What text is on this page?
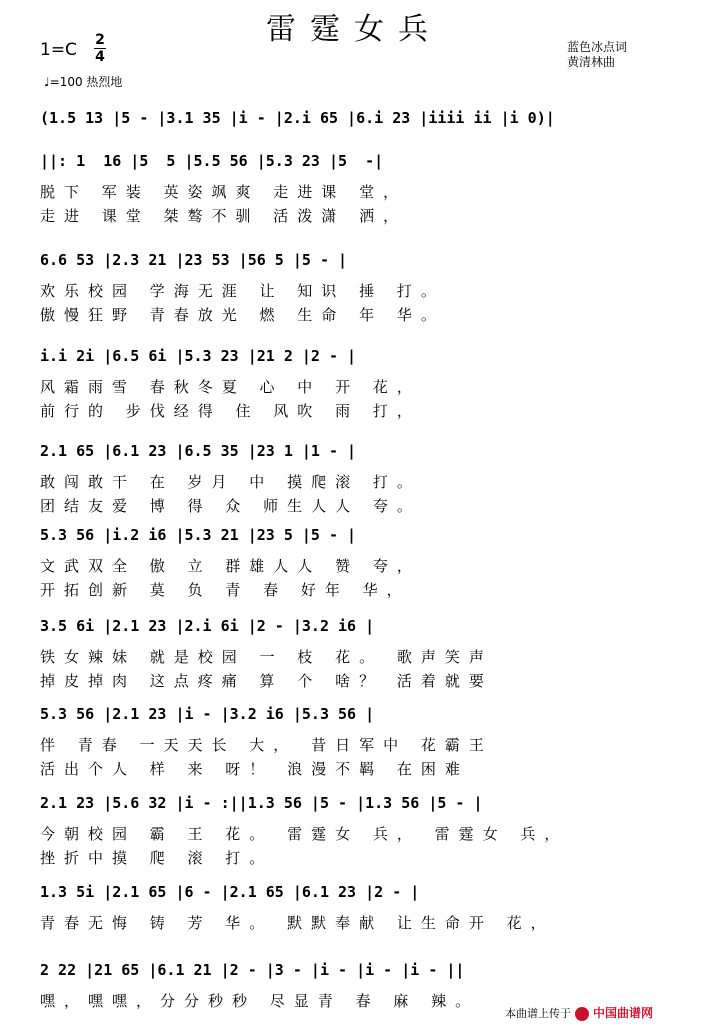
雷霆女兵
1=C 2
4
♩=100 热烈地
蓝色冰点词
黄清林曲
(1.5 13 |5 - |3.1 35 |i - |2.i 65 |6.i 23 |iiii ii |i 0)|
||: 1  16 |5  5 |5.5 56 |5.3 23 |5  -|
脱下 军装 英姿飒爽 走进课 堂，
走进 课堂 桀骜不驯 活泼潇 洒，
6.6 53 |2.3 21 |23 53 |56 5 |5 - |
欢乐校园 学海无涯 让 知识 捶 打。
傲慢狂野 青春放光 燃 生命 年 华。
i.i 2i |6.5 6i |5.3 23 |21 2 |2 - |
风霜雨雪 春秋冬夏 心 中 开 花，
前行的 步伐经得 住 风吹 雨 打，
2.1 65 |6.1 23 |6.5 35 |23 1 |1 - |
敢闯敢干 在 岁月 中 摸爬滚 打。
团结友爱 博 得 众 师生人人 夸。
5.3 56 |i.2 i6 |5.3 21 |23 5 |5 - |
文武双全 傲 立 群雄人人 赞 夸，
开拓创新 莫 负 青 春 好年 华，
3.5 6i |2.1 23 |2.i 6i |2 - |3.2 i6 |
铁女辣妹 就是校园 一 枝 花。 歌声笑声
掉皮掉肉 这点疼痛 算 个 啥？ 活着就要
5.3 56 |2.1 23 |i - |3.2 i6 |5.3 56 |
伴 青春 一天天长 大， 昔日军中 花霸王
活出个人 样 来 呀！ 浪漫不羁 在困难
2.1 23 |5.6 32 |i - :||1.3 56 |5 - |1.3 56 |5 - |
今朝校园 霸 王 花。 雷霆女 兵， 雷霆女 兵，
挫折中摸 爬 滚 打。
1.3 5i |2.1 65 |6 - |2.1 65 |6.1 23 |2 - |
青春无悔 铸 芳 华。 默默奉献 让生命开 花，
2 22 |21 65 |6.1 21 |2 - |3 - |i - |i - |i - ||
嘿，嘿嘿，分分秒秒 尽显青 春 麻 辣。
本曲谱上传于 中国曲谱网
